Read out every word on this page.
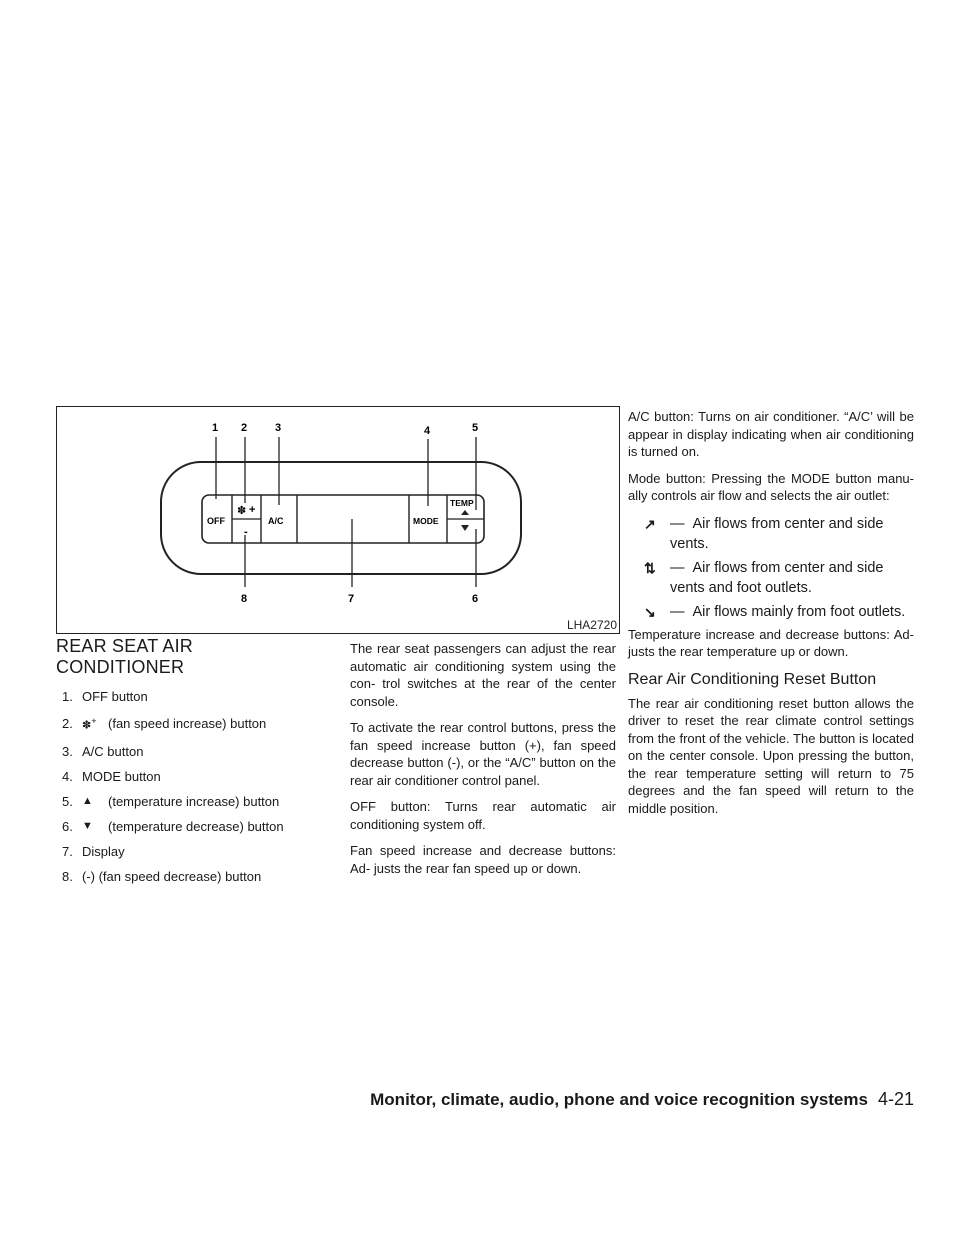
OFF
✽ +
-
A/C	MODE
TEMP
1 2	3	4	5
8	7	6
LHA2720
REAR SEAT AIR CONDITIONER
1. OFF button
2. ✽+ (fan speed increase) button
3. A/C button
4. MODE button
5. ▲	(temperature increase) button
6. ▼	(temperature decrease) button
7. Display
8. (-) (fan speed decrease) button

The rear seat passengers can adjust the rear automatic air conditioning system using the con- trol switches at the rear of the center console.

To activate the rear control buttons, press the fan speed increase button (+), fan speed decrease button (-), or the “A/C” button on the rear air conditioner control panel.

OFF button: Turns rear automatic air conditioning system off.

Fan speed increase and decrease buttons: Ad- justs the rear fan speed up or down.

A/C button: Turns on air conditioner. “A/C’ will be appear in display indicating when air conditioning is turned on.

Mode button: Pressing the MODE button manu- ally controls air flow and selects the air outlet:

↗ — Air flows from center and side vents.
⇅ — Air flows from center and side vents and foot outlets.
↘ — Air flows mainly from foot outlets.

Temperature increase and decrease buttons: Ad- justs the rear temperature up or down.

Rear Air Conditioning Reset Button

The rear air conditioning reset button allows the driver to reset the rear climate control settings from the front of the vehicle. The button is located on the center console. Upon pressing the button, the rear temperature setting will return to 75 degrees and the fan speed will return to the middle position.

Monitor, climate, audio, phone and voice recognition systems 4-21
